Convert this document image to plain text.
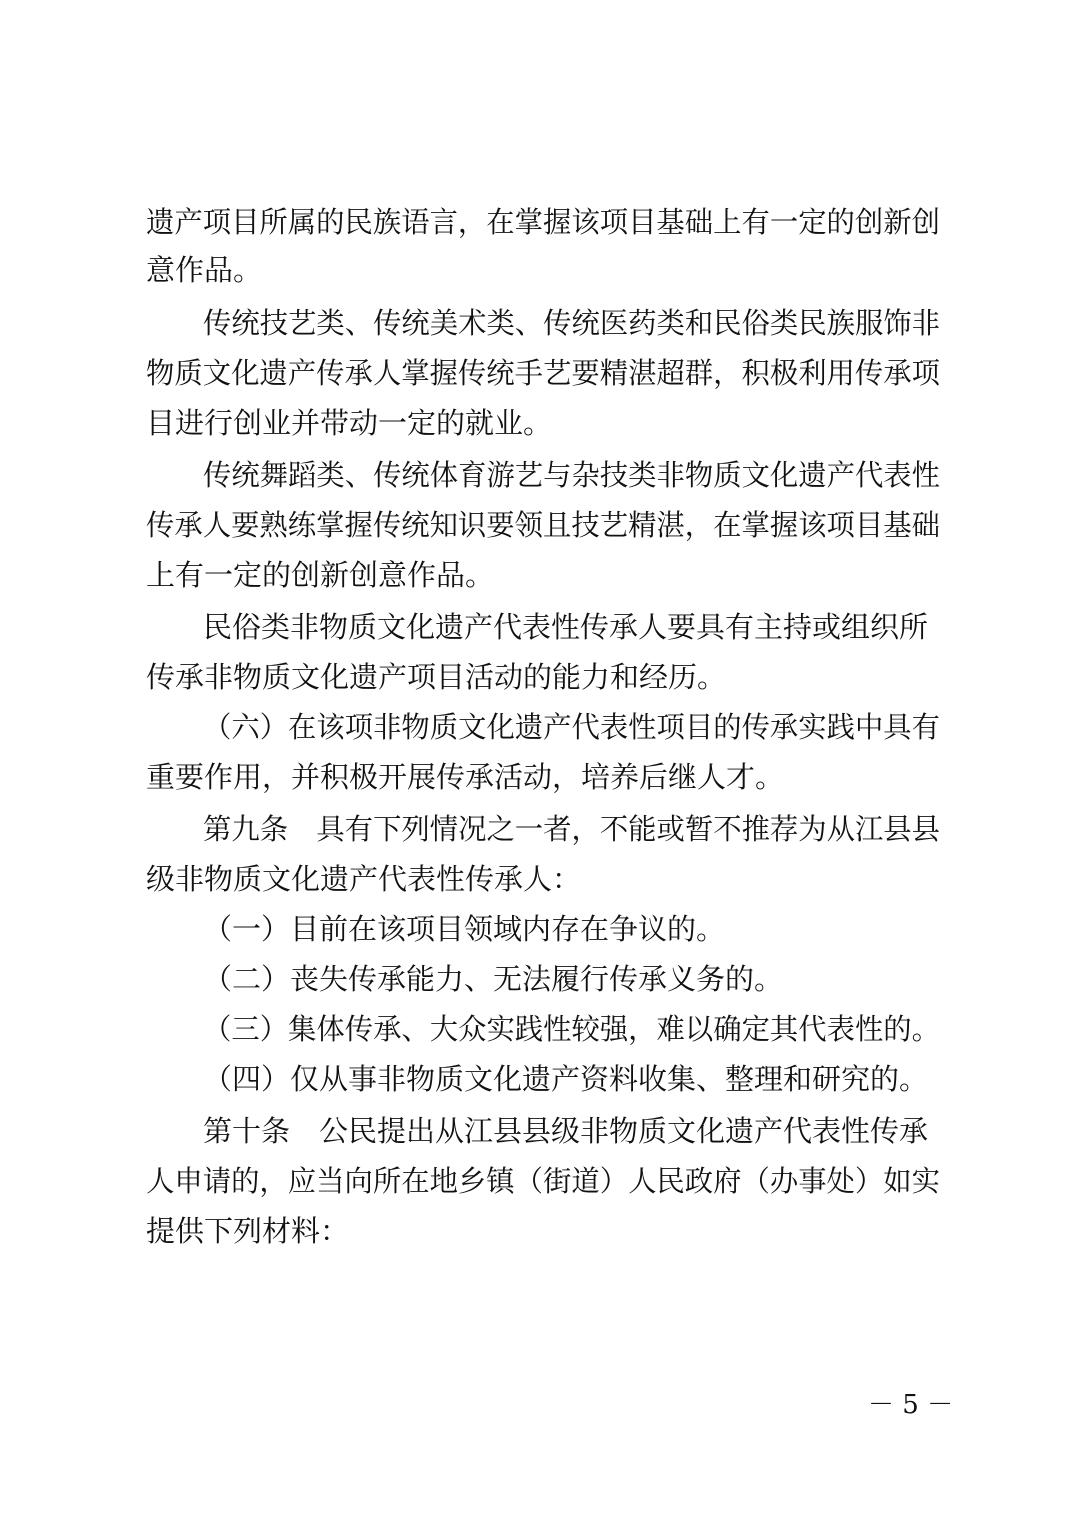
遗产项目所属的民族语言，在掌握该项目基础上有一定的创新创
意作品。
传统技艺类、传统美术类、传统医药类和民俗类民族服饰非
物质文化遗产传承人掌握传统手艺要精湛超群，积极利用传承项
目进行创业并带动一定的就业。
传统舞蹈类、传统体育游艺与杂技类非物质文化遗产代表性
传承人要熟练掌握传统知识要领且技艺精湛，在掌握该项目基础
上有一定的创新创意作品。
民俗类非物质文化遗产代表性传承人要具有主持或组织所
传承非物质文化遗产项目活动的能力和经历。
（六）在该项非物质文化遗产代表性项目的传承实践中具有
重要作用，并积极开展传承活动，培养后继人才。
第九条　具有下列情况之一者，不能或暂不推荐为从江县县
级非物质文化遗产代表性传承人：
（一）目前在该项目领域内存在争议的。
（二）丧失传承能力、无法履行传承义务的。
（三）集体传承、大众实践性较强，难以确定其代表性的。
（四）仅从事非物质文化遗产资料收集、整理和研究的。
第十条　公民提出从江县县级非物质文化遗产代表性传承
人申请的，应当向所在地乡镇（街道）人民政府（办事处）如实
提供下列材料：
－ 5 －
